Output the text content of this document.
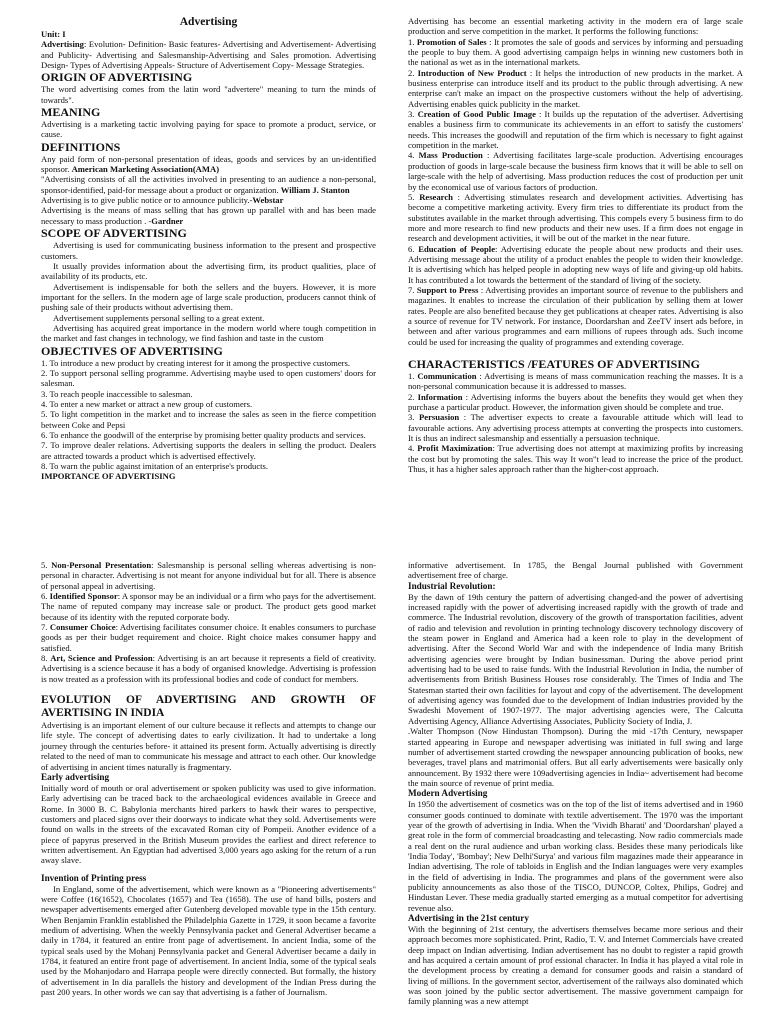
Advertising

Unit: I

Advertising: Evolution- Definition- Basic features- Advertising and Advertisement- Advertising and Publicity- Advertising and Salesmanship-Advertising and Sales promotion. Advertising Design- Types of Advertising Appeals- Structure of Advertisement Copy- Message Strategies.

ORIGIN OF ADVERTISING

The word advertising comes from the latin word "advertere" meaning to turn the minds of towards".

MEANING

Advertising is a marketing tactic involving paying for space to promote a product, service, or cause.

DEFINITIONS

Any paid form of non-personal presentation of ideas, goods and services by an un-identified sponsor. American Marketing Association(AMA)

"Advertising consists of all the activities involved in presenting to an audience a non-personal, sponsor-identified, paid-for message about a product or organization. William J. Stanton

Advertising is to give public notice or to announce publicity.-Webstar

Advertising is the means of mass selling that has grown up parallel with and has been made necessary to mass production . -Gardner

SCOPE OF ADVERTISING

Advertising is used for communicating business information to the present and prospective customers.

It usually provides information about the advertising firm, its product qualities, place of availability of its products, etc.

Advertisement is indispensable for both the sellers and the buyers. However, it is more important for the sellers. In the modern age of large scale production, producers cannot think of pushing sale of their products without advertising them.

Advertisement supplements personal selling to a great extent.

Advertising has acquired great importance in the modern world where tough competition in the market and fast changes in technology, we find fashion and taste in the custom

OBJECTIVES OF ADVERTISING

1. To introduce a new product by creating interest for it among the prospective customers.

2. To support personal selling programme. Advertising maybe used to open customers' doors for salesman.

3. To reach people inaccessible to salesman.

4. To enter a new market or attract a new group of customers.

5. To light competition in the market and to increase the sales as seen in the fierce competition between Coke and Pepsi

6. To enhance the goodwill of the enterprise by promising better quality products and services.

7. To improve dealer relations. Advertising supports the dealers in selling the product. Dealers are attracted towards a product which is advertised effectively.

8. To warn the public against imitation of an enterprise's products.

IMPORTANCE OF ADVERTISING

Advertising has become an essential marketing activity in the modern era of large scale production and serve competition in the market. It performs the following functions:

1. Promotion of Sales : It promotes the sale of goods and services by informing and persuading the people to buy them. A good advertising campaign helps in winning new customers both in the national as wet as in the international markets.

2. Introduction of New Product : It helps the introduction of new products in the market. A business enterprise can introduce itself and its product to the public through advertising. A new enterprise can't make an impact on the prospective customers without the help of advertising. Advertising enables quick publicity in the market.

3. Creation of Good Public Image : It builds up the reputation of the advertiser. Advertising enables a business firm to communicate its achievements in an effort to satisfy the customers' needs. This increases the goodwill and reputation of the firm which is necessary to fight against competition in the market.

4. Mass Production : Advertising facilitates large-scale production. Advertising encourages production of goods in large-scale because the business firm knows that it will be able to sell on large-scale with the help of advertising. Mass production reduces the cost of production per unit by the economical use of various factors of production.

5. Research : Advertising stimulates research and development activities. Advertising has become a competitive marketing activity. Every firm tries to differentiate its product from the substitutes available in the market through advertising. This compels every 5 business firm to do more and more research to find new products and their new uses. If a firm does not engage in research and development activities, it will be out of the market in the near future.

6. Education of People: Advertising educate the people about new products and their uses. Advertising message about the utility of a product enables the people to widen their knowledge. It is advertising which has helped people in adopting new ways of life and giving-up old habits. It has contributed a lot towards the betterment of the standard of living of the society.

7. Support to Press : Advertising provides an important source of revenue to the publishers and magazines. It enables to increase the circulation of their publication by selling them at lower rates. People are also benefited because they get publications at cheaper rates. Advertising is also a source of revenue for TV network. For instance, Doordarshan and ZeeTV insert ads before, in between and after various programmes and earn millions of rupees through ads. Such income could be used for increasing the quality of programmes and extending coverage.

CHARACTERISTICS /FEATURES OF ADVERTISING

1. Communication : Advertising is means of mass communication reaching the masses. It is a non-personal communication because it is addressed to masses.

2. Information : Advertising informs the buyers about the benefits they would get when they purchase a particular product. However, the information given should be complete and true.

3. Persuasion : The advertiser expects to create a favourable attitude which will lead to favourable actions. Any advertising process attempts at converting the prospects into customers. It is thus an indirect salesmanship and essentially a persuasion technique.

4. Profit Maximization: True advertising does not attempt at maximizing profits by increasing the cost but by promoting the sales. This way It won"t lead to increase the price of the product. Thus, it has a higher sales approach rather than the higher-cost approach.

5. Non-Personal Presentation: Salesmanship is personal selling whereas advertising is non- personal in character. Advertising is not meant for anyone individual but for all. There is absence of personal appeal in advertising.

6. Identified Sponsor: A sponsor may be an individual or a firm who pays for the advertisement. The name of reputed company may increase sale or product. The product gets good market because of its identity with the reputed corporate body.

7. Consumer Choice: Advertising facilitates consumer choice. It enables consumers to purchase goods as per their budget requirement and choice. Right choice makes consumer happy and satisfied.

8. Art, Science and Profession: Advertising is an art because it represents a field of creativity. Advertising is a science because it has a body of organised knowledge. Advertising is profession is now treated as a profession with its professional bodies and code of conduct for members.

EVOLUTION OF ADVERTISING AND GROWTH OF AVERTISING IN INDIA

Advertising is an important element of our culture because it reflects and attempts to change our life style. The concept of advertising dates to early civilization. It had to undertake a long journey through the centuries before- it attained its present form. Actually advertising is directly related to the need of man to communicate his message and attract to each other. Our knowledge of advertising in ancient times naturally is fragmentary.

Early advertising

Initially word of mouth or oral advertisement or spoken publicity was used to give information. Early advertising can be traced back to the archaeological evidences available in Greece and Rome. In 3000 B. C. Babylonia merchants hired parkers to hawk their wares to perspective, customers and placed signs over their doorways to indicate what they sold. Advertisements were found on walls in the streets of the excavated Roman city of Pompeii. Another evidence of a piece of papyrus preserved in the British Museum provides the earliest and direct reference to written advertisement. An Egyptian had advertised 3,000 years ago asking for the return of a run away slave.

Invention of Printing press

In England, some of the advertisement, which were known as a "Pioneering advertisements" were Coffee (16(1652), Chocolates (1657) and Tea (1658). The use of hand bills, posters and newspaper advertisements emerged after Gutenberg developed movable type in the 15th century. When Benjamin Franklin established the Philadelphia Gazette in 1729, it soon became a favorite medium of advertising. When the weekly Pennsylvania packet and General Advertiser became a daily in 1784, it featured an entire front page of advertisement. In ancient India, some of the typical seals used by the Mohanj Pennsylvania packet and General Advertiser became a daily in 1784, it featured an entire front page of advertisement. In ancient India, some of the typical seals used by the Mohanjodaro and Harrapa people were directly connected. But formally, the history of advertisement in In dia parallels the history and development of the Indian Press during the past 200 years. In other words we can say that advertising is a father of Journalism.

informative advertisement. In 1785, the Bengal Journal published with Government advertisement free of charge.

Industrial Revolution:

By the dawn of 19th century the pattern of advertising changed-and the power of advertising increased rapidly with the power of advertising increased rapidly with the growth of trade and commerce. The Industrial revolution, discovery of the growth of transportation facilities, advent of radio and television and revolution in printing technology discovery technology discovery of the steam power in England and America had a keen role to play in the development of advertising. After the Second World War and with the independence of India many British advertising agencies were brought by Indian businessman. During the above period print advertising had to be used to raise funds. With the Industrial Revolution in India, the number of advertisements from British Business Houses rose considerably. The Times of India and The Statesman started their own facilities for layout and copy of the advertisement. The development of advertising agency was founded due to the development of Indian industries provided by the Swadeshi Movement of 1907-1977. The major advertising agencies were, The Calcutta Advertising Agency, Alliance Advertising Associates, Publicity Society of India, J.

.Walter Thompson (Now Hindustan Thompson). During the mid -17th Century, newspaper started appearing in Europe and newspaper advertising was initiated in full swing and large number of advertisement started crowding the newspaper announcing publication of books, new beverages, travel plans and matrimonial offers. But all early advertisements were basically only announcement. By 1932 there were 109advertising agencies in India~ advertisement had become the main source of revenue of print media.

Modern Advertising

In 1950 the advertisement of cosmetics was on the top of the list of items advertised and in 1960 consumer goods continued to dominate with textile advertisement. The 1970 was the important year of the growth of advertising in India. When the 'Vividh Bharati' and 'Doordarshan' played a great role in the form of commercial broadcasting and telecasting. Now radio commercials made a real dent on the rural audience and urban working class. Besides these many periodicals like 'India Today', 'Bombay'; New Delhi'Surya' and various film magazines made their appearance in Indian advertising. The role of tabloids in English and the Indian languages were very examples in the field of advertising in India. The programmes and plans of the government were also publicity announcements as also those of the TISCO, DUNCOP, Coltex, Philips, Godrej and Hindustan Lever. These media gradually started emerging as a mutual competitor for advertising revenue also.

Advertising in the 21st century

With the beginning of 21st century, the advertisers themselves became more serious and their approach becomes more sophisticated. Print, Radio, T. V. and Internet Commercials have created deep impact on Indian advertising. Indian advertisement has no doubt to register a rapid growth and has acquired a certain amount of prof essional character. In India it has played a vital role in the development process by creating a demand for consumer goods and raisin a standard of living of millions. In the government sector, advertisement of the railways also dominated which was soon joined by the public sector advertisement. The massive government campaign for family planning was a new attempt
